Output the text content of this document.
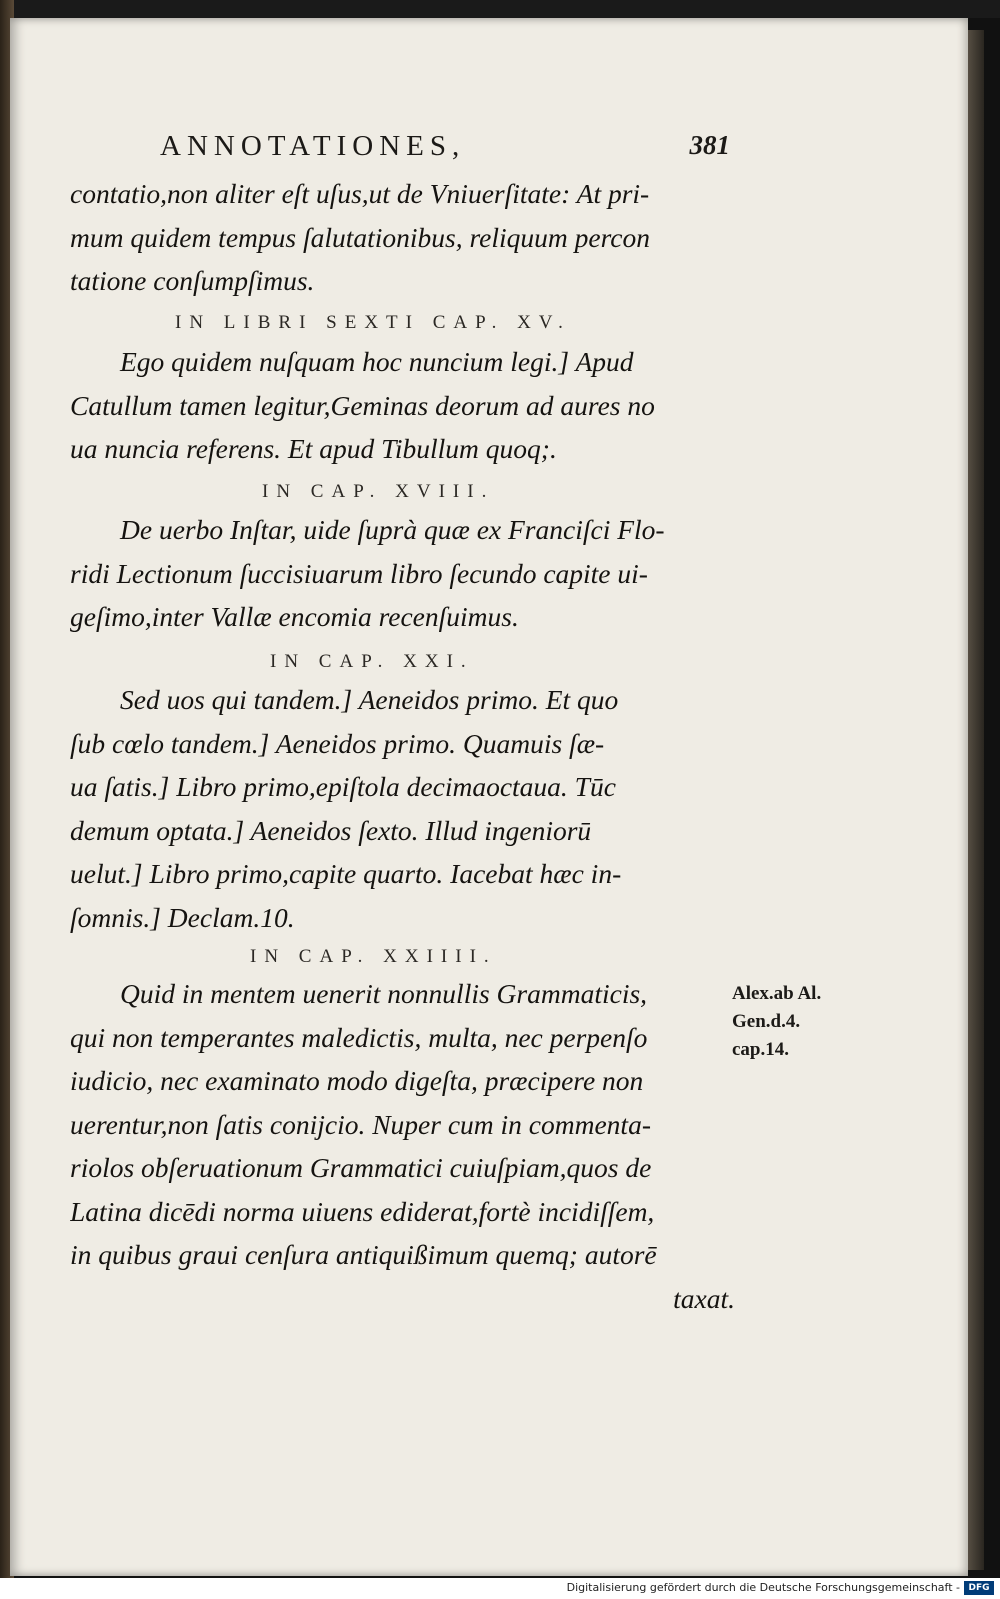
ANNOTATIONES,	381
contatio,non aliter eſt uſus,ut de Vniuerſitate: At pri-
mum quidem tempus ſalutationibus, reliquum percon
tatione conſumpſimus.
IN LIBRI SEXTI CAP. XV.
Ego quidem nuſquam hoc nuncium legi.] Apud
Catullum tamen legitur,Geminas deorum ad aures no
ua nuncia referens. Et apud Tibullum quoq;.
IN CAP. XVIII.
De uerbo Inſtar, uide ſuprà quæ ex Franciſci Flo-
ridi Lectionum ſuccisiuarum libro ſecundo capite ui-
geſimo,inter Vallæ encomia recenſuimus.
IN CAP. XXI.
Sed uos qui tandem.] Aeneidos primo. Et quo
ſub cœlo tandem.] Aeneidos primo. Quamuis ſæ-
ua ſatis.] Libro primo,epiſtola decimaoctaua. Tūc
demum optata.] Aeneidos ſexto. Illud ingeniorū
uelut.] Libro primo,capite quarto. Iacebat hæc in-
ſomnis.] Declam.10.
IN CAP. XXIIII.
Quid in mentem uenerit nonnullis Grammaticis,
qui non temperantes maledictis, multa, nec perpenſo
iudicio, nec examinato modo digeſta, præcipere non
uerentur,non ſatis conijcio. Nuper cum in commenta-
riolos obſeruationum Grammatici cuiuſpiam,quos de
Latina dicēdi norma uiuens ediderat,fortè incidiſſem,
in quibus graui cenſura antiquißimum quemq; autorē
taxat.
Alex.ab Al.
Gen.d.4.
cap.14.
Digitalisierung gefördert durch die Deutsche Forschungsgemeinschaft - DFG
